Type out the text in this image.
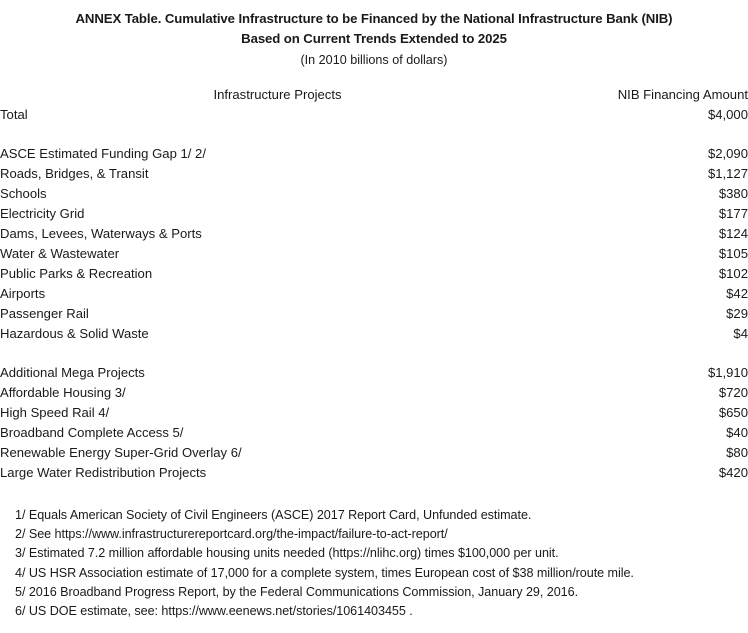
ANNEX Table. Cumulative Infrastructure to be Financed by the National Infrastructure Bank (NIB)
Based on Current Trends Extended to 2025
(In 2010 billions of dollars)
Infrastructure Projects	NIB Financing Amount
Total	$4,000

ASCE Estimated Funding Gap 1/ 2/	$2,090
Roads, Bridges, & Transit	$1,127
Schools	$380
Electricity Grid	$177
Dams, Levees, Waterways & Ports	$124
Water & Wastewater	$105
Public Parks & Recreation	$102
Airports	$42
Passenger Rail	$29
Hazardous & Solid Waste	$4

Additional Mega Projects	$1,910
Affordable Housing 3/	$720
High Speed Rail 4/	$650
Broadband Complete Access 5/	$40
Renewable Energy Super-Grid Overlay 6/	$80
Large Water Redistribution Projects	$420
1/ Equals American Society of Civil Engineers (ASCE) 2017 Report Card, Unfunded estimate.
2/ See https://www.infrastructurereportcard.org/the-impact/failure-to-act-report/
3/ Estimated 7.2 million affordable housing units needed (https://nlihc.org) times $100,000 per unit.
4/ US HSR Association estimate of 17,000 for a complete system, times European cost of $38 million/route mile.
5/ 2016 Broadband Progress Report, by the Federal Communications Commission, January 29, 2016.
6/ US DOE estimate, see: https://www.eenews.net/stories/1061403455 .
